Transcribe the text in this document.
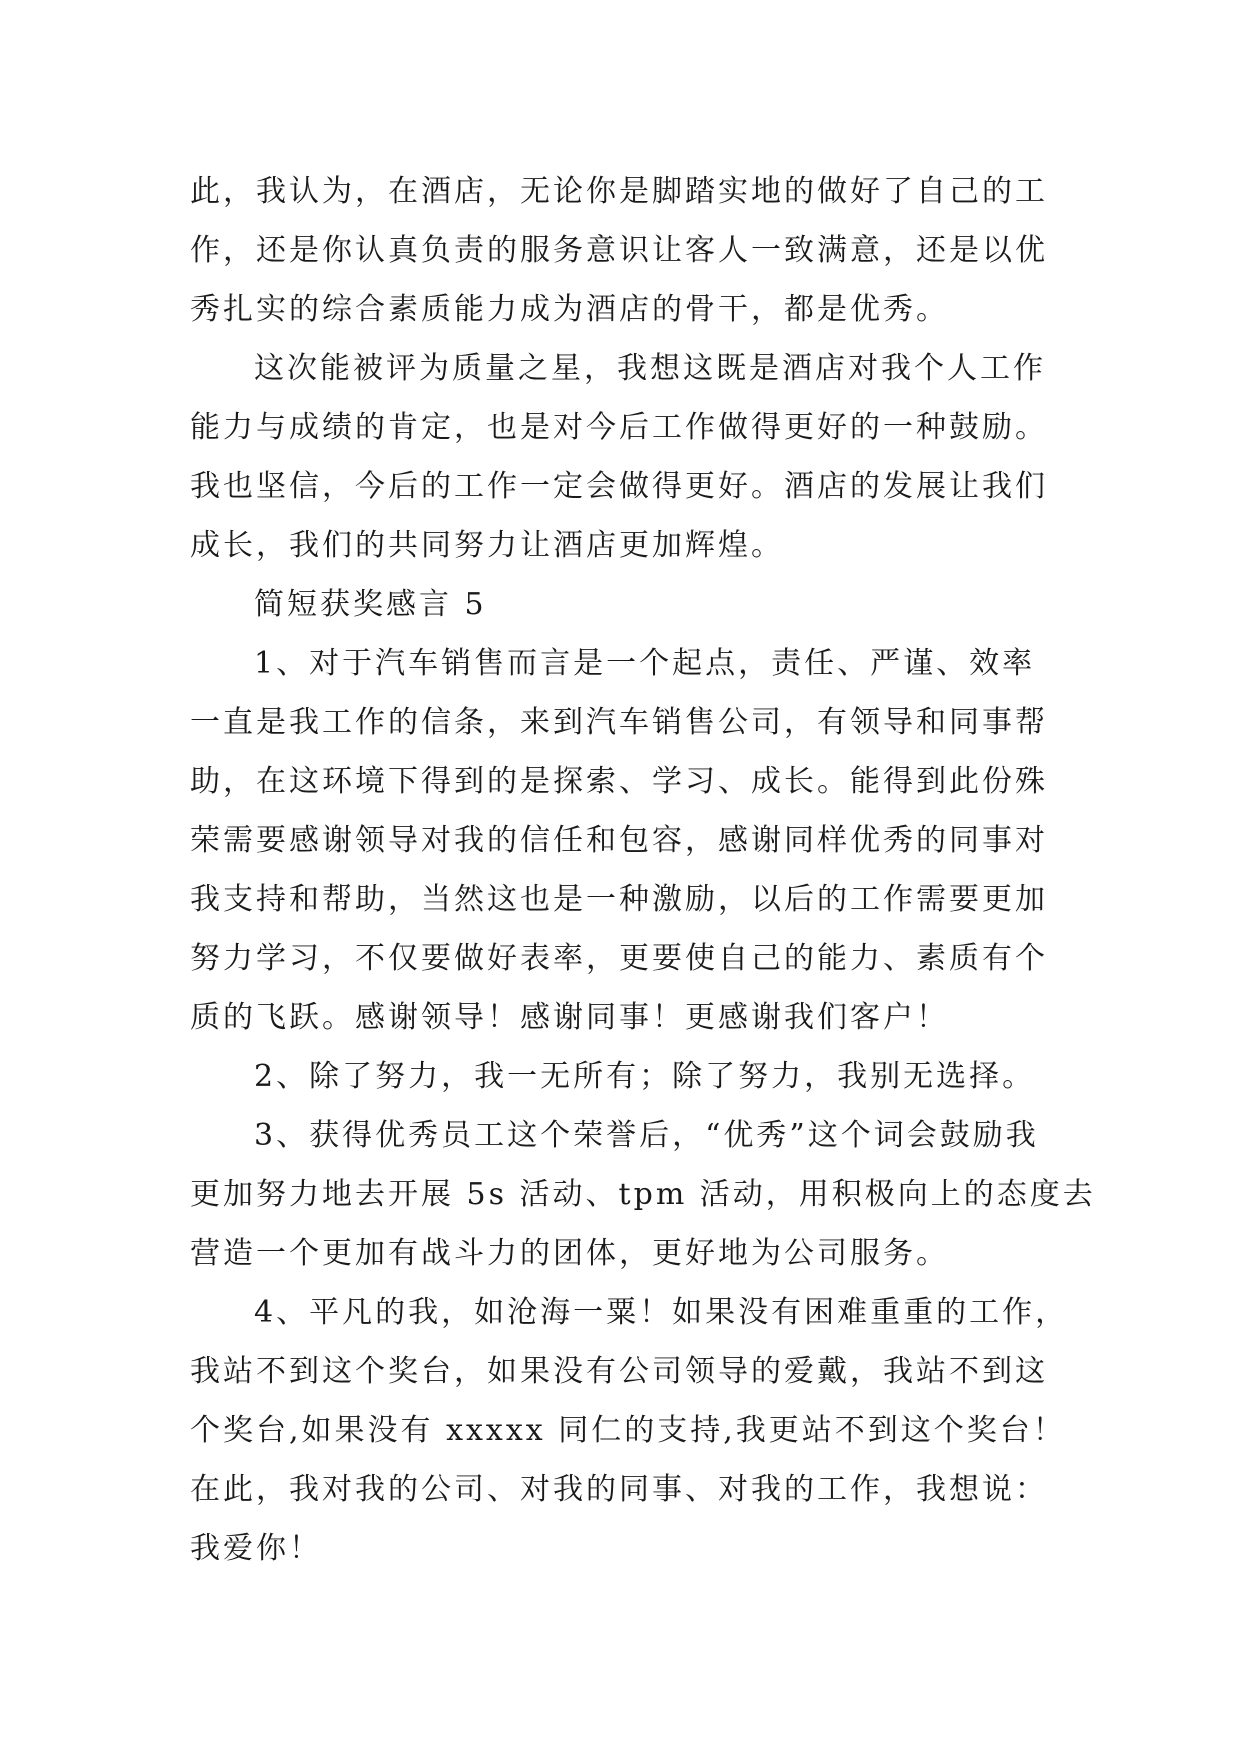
此，我认为，在酒店，无论你是脚踏实地的做好了自己的工
作，还是你认真负责的服务意识让客人一致满意，还是以优
秀扎实的综合素质能力成为酒店的骨干，都是优秀。
这次能被评为质量之星，我想这既是酒店对我个人工作
能力与成绩的肯定，也是对今后工作做得更好的一种鼓励。
我也坚信，今后的工作一定会做得更好。酒店的发展让我们
成长，我们的共同努力让酒店更加辉煌。
简短获奖感言 5
1、对于汽车销售而言是一个起点，责任、严谨、效率
一直是我工作的信条，来到汽车销售公司，有领导和同事帮
助，在这环境下得到的是探索、学习、成长。能得到此份殊
荣需要感谢领导对我的信任和包容，感谢同样优秀的同事对
我支持和帮助，当然这也是一种激励，以后的工作需要更加
努力学习，不仅要做好表率，更要使自己的能力、素质有个
质的飞跃。感谢领导！感谢同事！更感谢我们客户！
2、除了努力，我一无所有；除了努力，我别无选择。
3、获得优秀员工这个荣誉后，“优秀”这个词会鼓励我
更加努力地去开展 5s 活动、tpm 活动，用积极向上的态度去
营造一个更加有战斗力的团体，更好地为公司服务。
4、平凡的我，如沧海一粟！如果没有困难重重的工作，
我站不到这个奖台，如果没有公司领导的爱戴，我站不到这
个奖台,如果没有 xxxxx 同仁的支持,我更站不到这个奖台！
在此，我对我的公司、对我的同事、对我的工作，我想说：
我爱你！
